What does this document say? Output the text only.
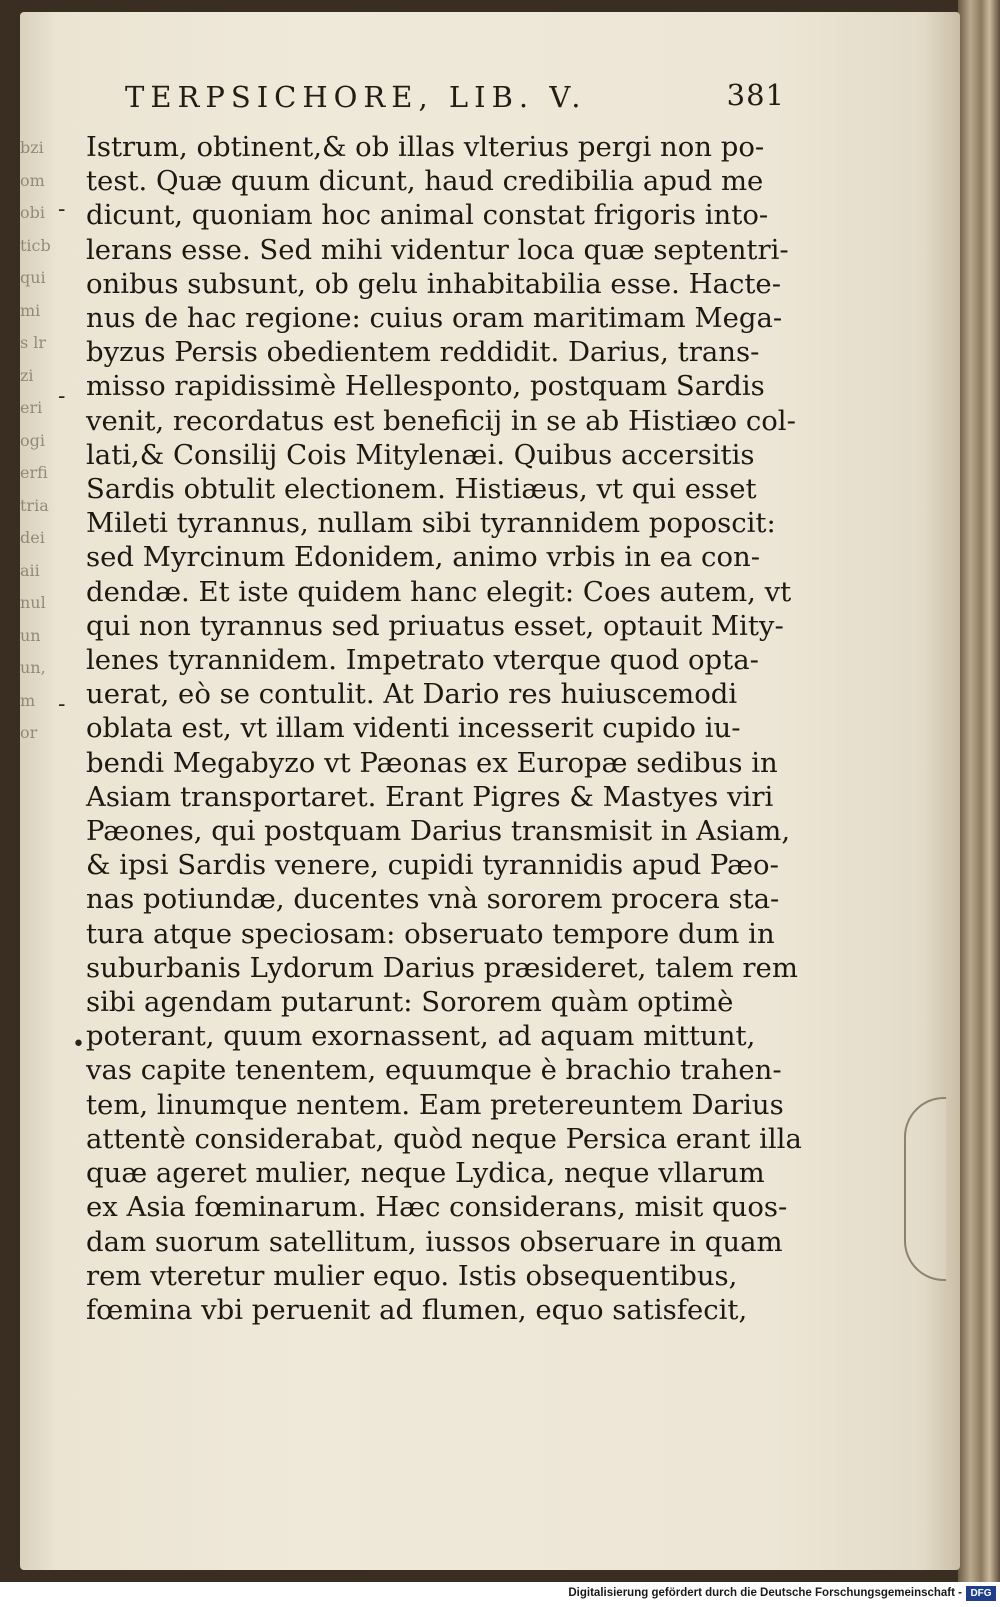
bzi
om
obi
ticb
qui
mi
s lr
zi
eri
ogi
erfi
tria
dei
aii
nul
un
un,
m
or
TERPSICHORE, LIB. V.	381
Istrum, obtinent,& ob illas vlterius pergi non po-
test. Quæ quum dicunt, haud credibilia apud me
dicunt, quoniam hoc animal constat frigoris into-
lerans esse. Sed mihi videntur loca quæ septentri-
onibus subsunt, ob gelu inhabitabilia esse. Hacte-
nus de hac regione: cuius oram maritimam Mega-
byzus Persis obedientem reddidit. Darius, trans-
misso rapidissimè Hellesponto, postquam Sardis
venit, recordatus est beneficij in se ab Histiæo col-
lati,& Consilij Cois Mitylenæi. Quibus accersitis
Sardis obtulit electionem. Histiæus, vt qui esset
Mileti tyrannus, nullam sibi tyrannidem poposcit:
sed Myrcinum Edonidem, animo vrbis in ea con-
dendæ. Et iste quidem hanc elegit: Coes autem, vt
qui non tyrannus sed priuatus esset, optauit Mity-
lenes tyrannidem. Impetrato vterque quod opta-
uerat, eò se contulit. At Dario res huiuscemodi
oblata est, vt illam videnti incesserit cupido iu-
bendi Megabyzo vt Pæonas ex Europæ sedibus in
Asiam transportaret. Erant Pigres & Mastyes viri
Pæones, qui postquam Darius transmisit in Asiam,
& ipsi Sardis venere, cupidi tyrannidis apud Pæo-
nas potiundæ, ducentes vnà sororem procera sta-
tura atque speciosam: obseruato tempore dum in
suburbanis Lydorum Darius præsideret, talem rem
sibi agendam putarunt: Sororem quàm optimè
poterant, quum exornassent, ad aquam mittunt,
vas capite tenentem, equumque è brachio trahen-
tem, linumque nentem. Eam pretereuntem Darius
attentè considerabat, quòd neque Persica erant illa
quæ ageret mulier, neque Lydica, neque vllarum
ex Asia fœminarum. Hæc considerans, misit quos-
dam suorum satellitum, iussos obseruare in quam
rem vteretur mulier equo. Istis obsequentibus,
fœmina vbi peruenit ad flumen, equo satisfecit,
-
-
-
•
Digitalisierung gefördert durch die Deutsche Forschungsgemeinschaft - DFG
